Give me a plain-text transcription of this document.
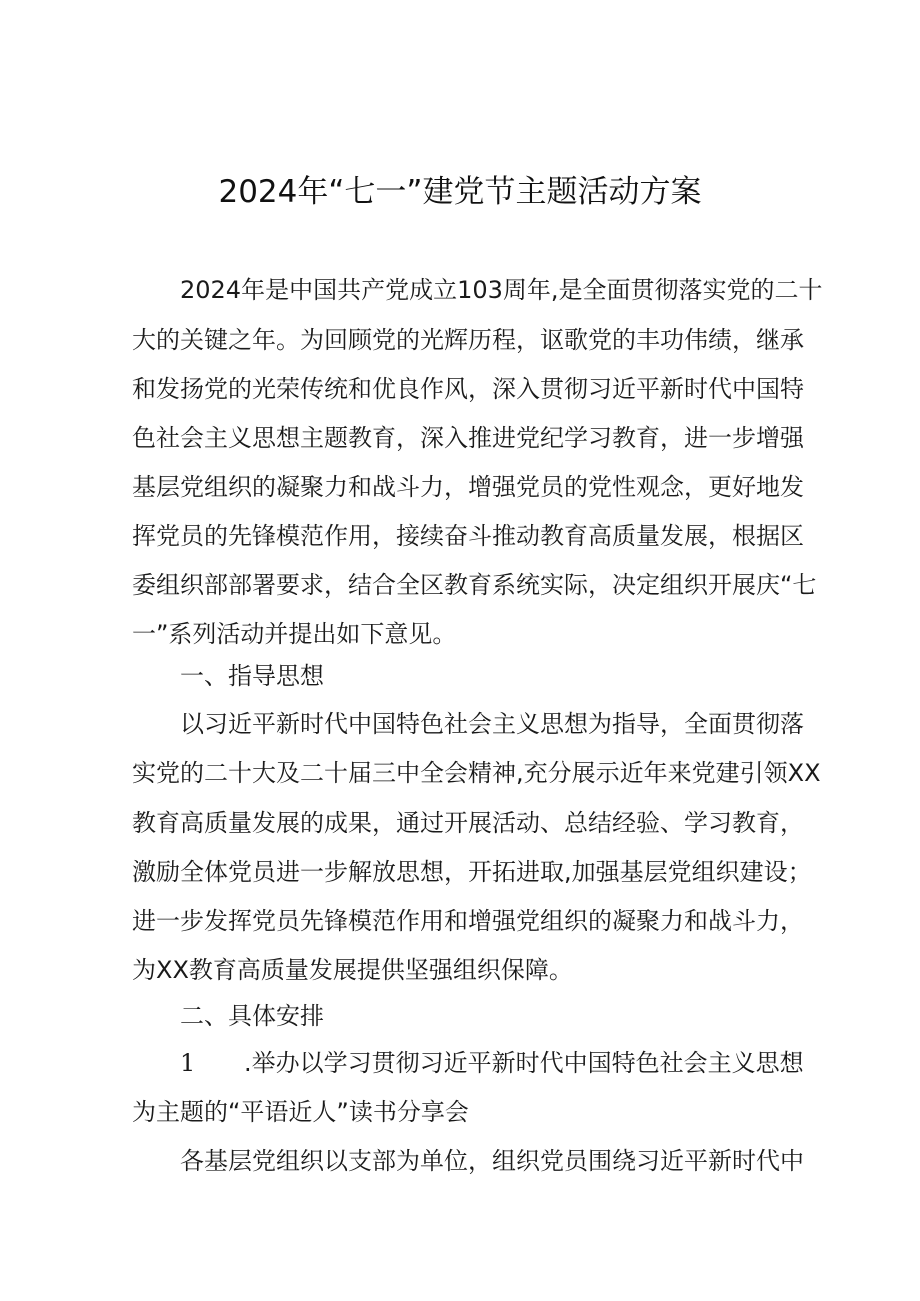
2024年“七一”建党节主题活动方案
2024年是中国共产党成立103周年,是全面贯彻落实党的二十
大的关键之年。为回顾党的光辉历程，讴歌党的丰功伟绩，继承
和发扬党的光荣传统和优良作风，深入贯彻习近平新时代中国特
色社会主义思想主题教育，深入推进党纪学习教育，进一步增强
基层党组织的凝聚力和战斗力，增强党员的党性观念，更好地发
挥党员的先锋模范作用，接续奋斗推动教育高质量发展，根据区
委组织部部署要求，结合全区教育系统实际，决定组织开展庆“七
一”系列活动并提出如下意见。
一、指导思想
以习近平新时代中国特色社会主义思想为指导，全面贯彻落
实党的二十大及二十届三中全会精神,充分展示近年来党建引领XX
教育高质量发展的成果，通过开展活动、总结经验、学习教育，
激励全体党员进一步解放思想，开拓进取,加强基层党组织建设；
进一步发挥党员先锋模范作用和增强党组织的凝聚力和战斗力，
为XX教育高质量发展提供坚强组织保障。
二、具体安排
1 .举办以学习贯彻习近平新时代中国特色社会主义思想
为主题的“平语近人”读书分享会
各基层党组织以支部为单位，组织党员围绕习近平新时代中
